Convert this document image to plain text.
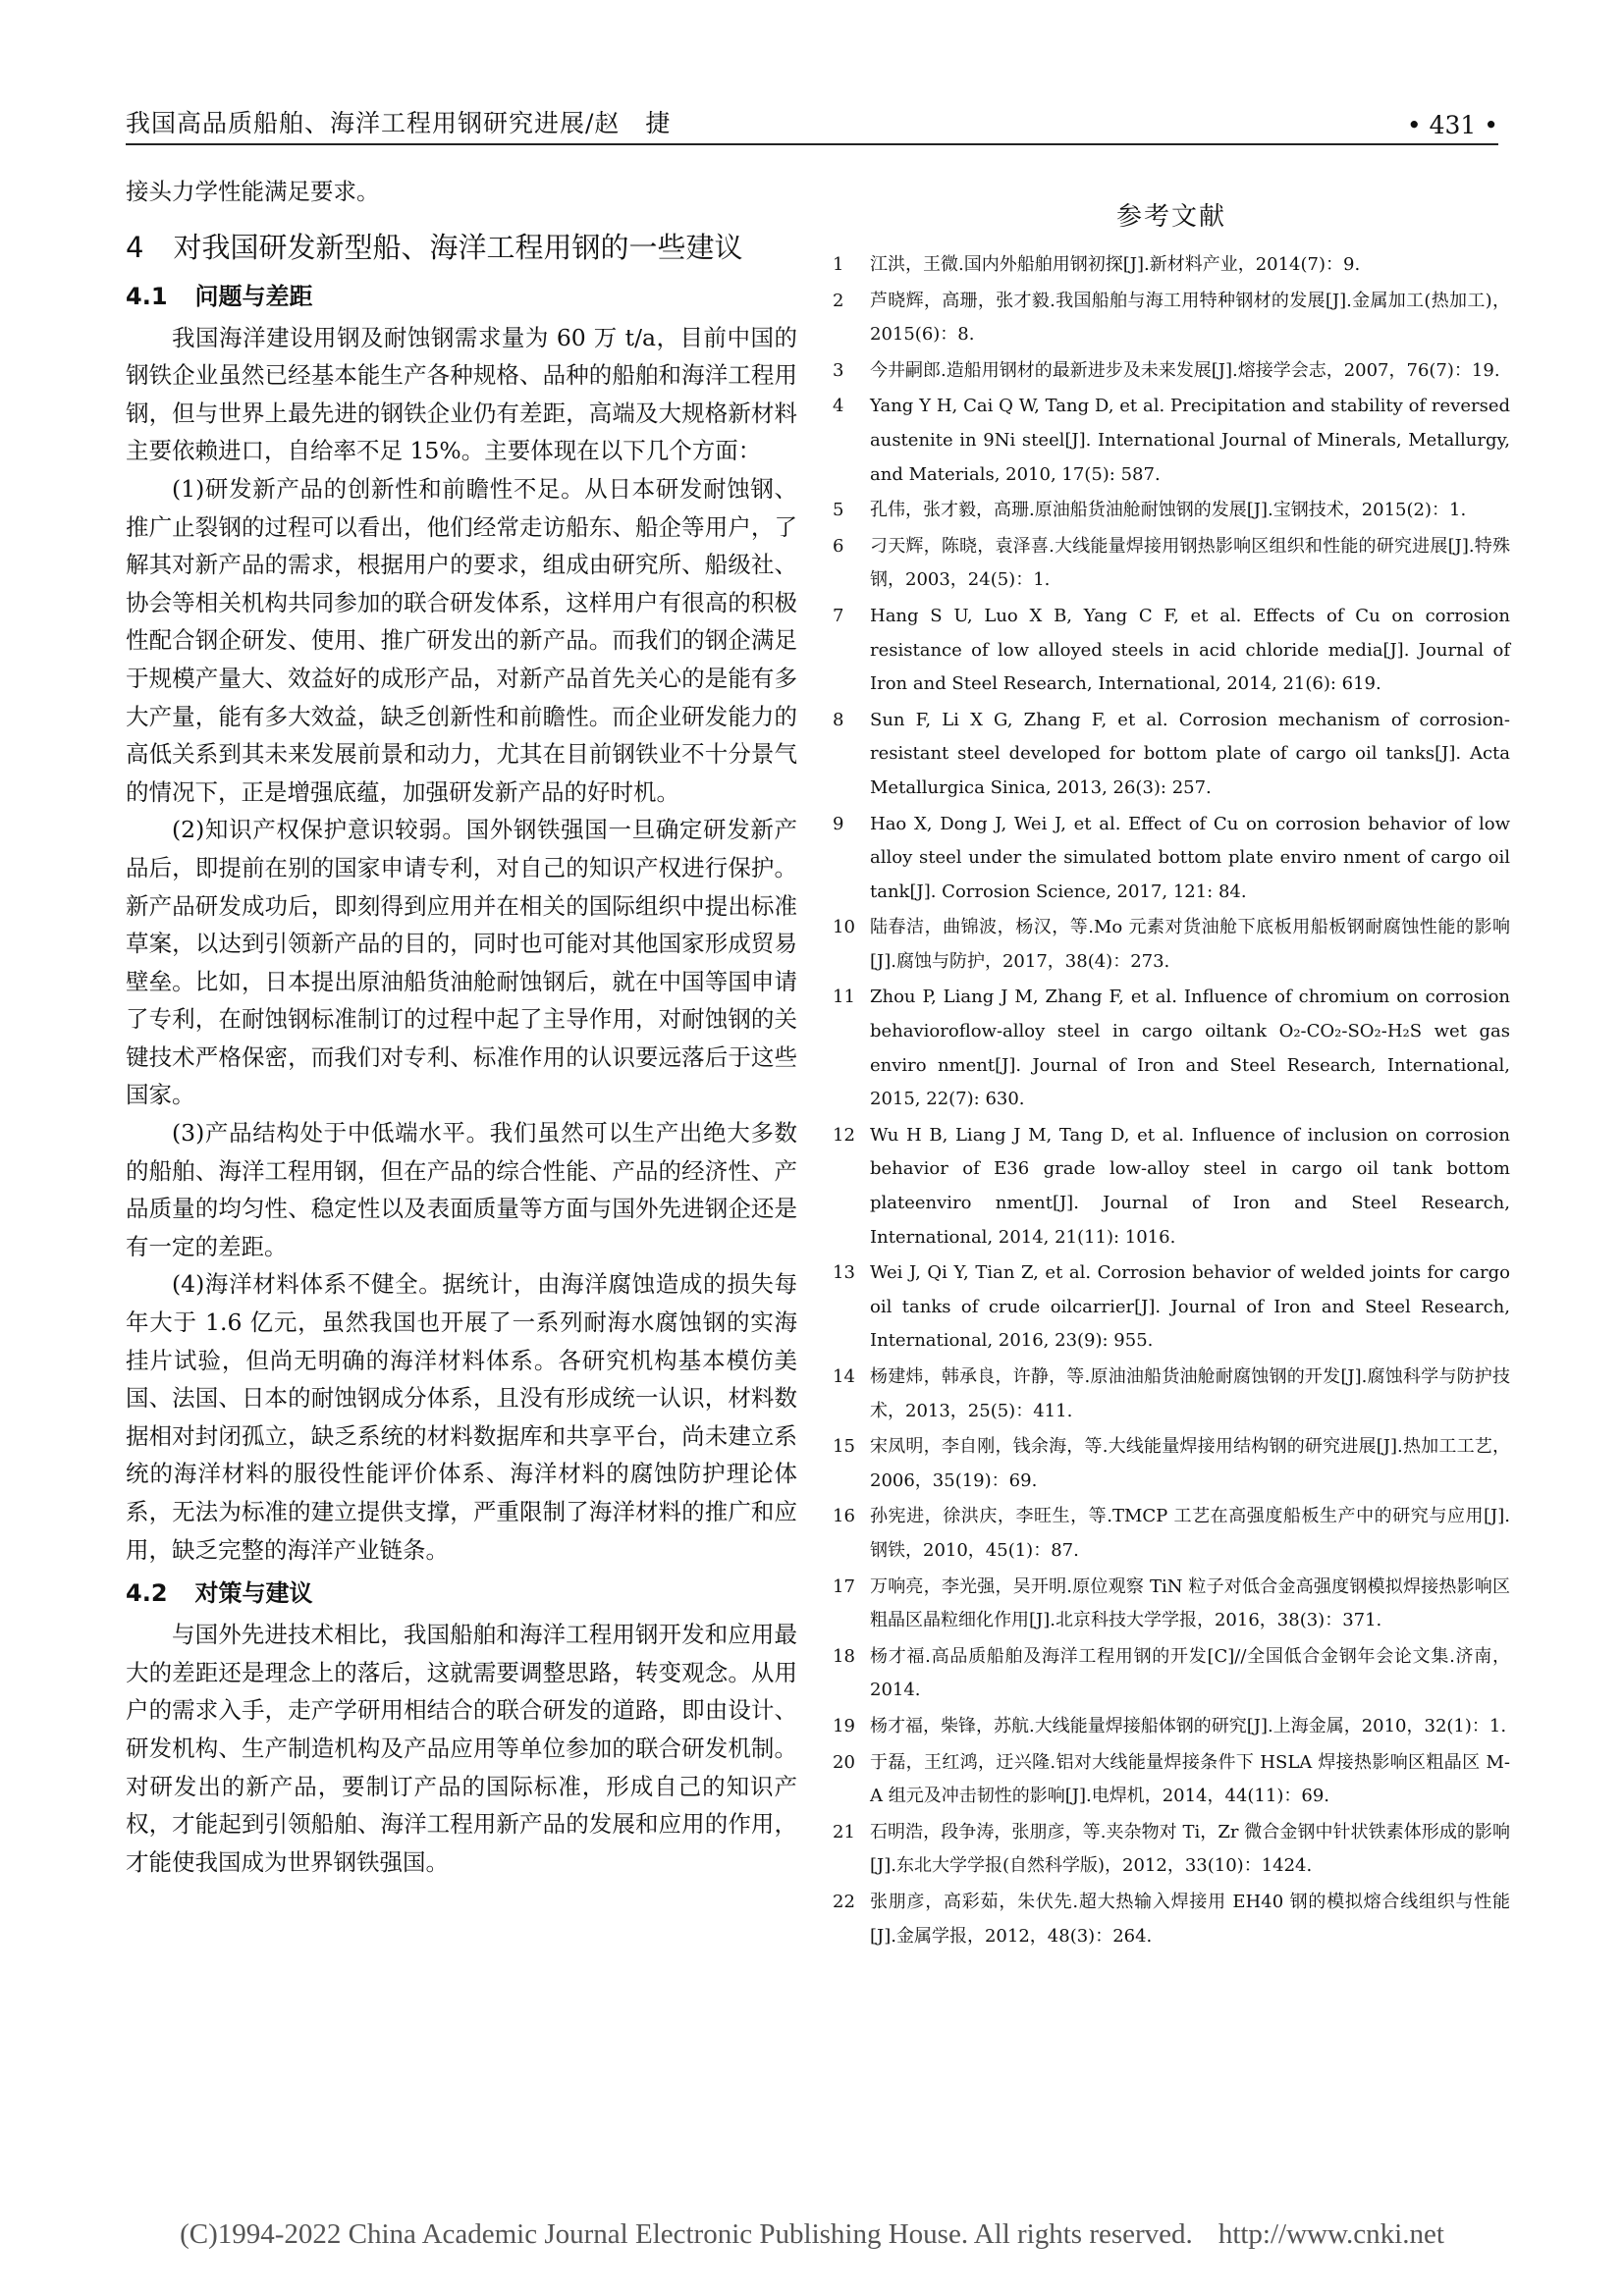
我国高品质船舶、海洋工程用钢研究进展/赵　捷	• 431 •

接头力学性能满足要求。

4 对我国研发新型船、海洋工程用钢的一些建议
4.1 问题与差距

我国海洋建设用钢及耐蚀钢需求量为 60 万 t/a，目前中国的钢铁企业虽然已经基本能生产各种规格、品种的船舶和海洋工程用钢，但与世界上最先进的钢铁企业仍有差距，高端及大规格新材料主要依赖进口，自给率不足 15%。主要体现在以下几个方面：

(1)研发新产品的创新性和前瞻性不足。从日本研发耐蚀钢、推广止裂钢的过程可以看出，他们经常走访船东、船企等用户，了解其对新产品的需求，根据用户的要求，组成由研究所、船级社、协会等相关机构共同参加的联合研发体系，这样用户有很高的积极性配合钢企研发、使用、推广研发出的新产品。而我们的钢企满足于规模产量大、效益好的成形产品，对新产品首先关心的是能有多大产量，能有多大效益，缺乏创新性和前瞻性。而企业研发能力的高低关系到其未来发展前景和动力，尤其在目前钢铁业不十分景气的情况下，正是增强底蕴，加强研发新产品的好时机。

(2)知识产权保护意识较弱。国外钢铁强国一旦确定研发新产品后，即提前在别的国家申请专利，对自己的知识产权进行保护。新产品研发成功后，即刻得到应用并在相关的国际组织中提出标准草案，以达到引领新产品的目的，同时也可能对其他国家形成贸易壁垒。比如，日本提出原油船货油舱耐蚀钢后，就在中国等国申请了专利，在耐蚀钢标准制订的过程中起了主导作用，对耐蚀钢的关键技术严格保密，而我们对专利、标准作用的认识要远落后于这些国家。

(3)产品结构处于中低端水平。我们虽然可以生产出绝大多数的船舶、海洋工程用钢，但在产品的综合性能、产品的经济性、产品质量的均匀性、稳定性以及表面质量等方面与国外先进钢企还是有一定的差距。

(4)海洋材料体系不健全。据统计，由海洋腐蚀造成的损失每年大于 1.6 亿元，虽然我国也开展了一系列耐海水腐蚀钢的实海挂片试验，但尚无明确的海洋材料体系。各研究机构基本模仿美国、法国、日本的耐蚀钢成分体系，且没有形成统一认识，材料数据相对封闭孤立，缺乏系统的材料数据库和共享平台，尚未建立系统的海洋材料的服役性能评价体系、海洋材料的腐蚀防护理论体系，无法为标准的建立提供支撑，严重限制了海洋材料的推广和应用，缺乏完整的海洋产业链条。

4.2 对策与建议

与国外先进技术相比，我国船舶和海洋工程用钢开发和应用最大的差距还是理念上的落后，这就需要调整思路，转变观念。从用户的需求入手，走产学研用相结合的联合研发的道路，即由设计、研发机构、生产制造机构及产品应用等单位参加的联合研发机制。对研发出的新产品，要制订产品的国际标准，形成自己的知识产权，才能起到引领船舶、海洋工程用新产品的发展和应用的作用，才能使我国成为世界钢铁强国。

参考文献
1	江洪，王微.国内外船舶用钢初探[J].新材料产业，2014(7)：9.
2	芦晓辉，高珊，张才毅.我国船舶与海工用特种钢材的发展[J].金属加工(热加工)，2015(6)：8.
3	今井嗣郎.造船用钢材的最新进步及未来发展[J].熔接学会志，2007，76(7)：19.
4	Yang Y H, Cai Q W, Tang D, et al. Precipitation and stability of reversed austenite in 9Ni steel[J]. International Journal of Minerals, Metallurgy, and Materials, 2010, 17(5): 587.
5	孔伟，张才毅，高珊.原油船货油舱耐蚀钢的发展[J].宝钢技术，2015(2)：1.
6	刁天辉，陈晓，袁泽喜.大线能量焊接用钢热影响区组织和性能的研究进展[J].特殊钢，2003，24(5)：1.
7	Hang S U, Luo X B, Yang C F, et al. Effects of Cu on corrosion resistance of low alloyed steels in acid chloride media[J]. Journal of Iron and Steel Research, International, 2014, 21(6): 619.
8	Sun F, Li X G, Zhang F, et al. Corrosion mechanism of corrosion-resistant steel developed for bottom plate of cargo oil tanks[J]. Acta Metallurgica Sinica, 2013, 26(3): 257.
9	Hao X, Dong J, Wei J, et al. Effect of Cu on corrosion behavior of low alloy steel under the simulated bottom plate enviro nment of cargo oil tank[J]. Corrosion Science, 2017, 121: 84.
10 陆春洁，曲锦波，杨汉，等.Mo 元素对货油舱下底板用船板钢耐腐蚀性能的影响[J].腐蚀与防护，2017，38(4)：273.
11 Zhou P, Liang J M, Zhang F, et al. Influence of chromium on corrosion behavioroflow-alloy steel in cargo oiltank O₂-CO₂-SO₂-H₂S wet gas enviro nment[J]. Journal of Iron and Steel Research, International, 2015, 22(7): 630.
12 Wu H B, Liang J M, Tang D, et al. Influence of inclusion on corrosion behavior of E36 grade low-alloy steel in cargo oil tank bottom plateenviro nment[J]. Journal of Iron and Steel Research, International, 2014, 21(11): 1016.
13 Wei J, Qi Y, Tian Z, et al. Corrosion behavior of welded joints for cargo oil tanks of crude oilcarrier[J]. Journal of Iron and Steel Research, International, 2016, 23(9): 955.
14 杨建炜，韩承良，许静，等.原油油船货油舱耐腐蚀钢的开发[J].腐蚀科学与防护技术，2013，25(5)：411.
15 宋凤明，李自刚，钱余海，等.大线能量焊接用结构钢的研究进展[J].热加工工艺，2006，35(19)：69.
16 孙宪进，徐洪庆，李旺生，等.TMCP 工艺在高强度船板生产中的研究与应用[J].钢铁，2010，45(1)：87.
17 万响亮，李光强，吴开明.原位观察 TiN 粒子对低合金高强度钢模拟焊接热影响区粗晶区晶粒细化作用[J].北京科技大学学报，2016，38(3)：371.
18 杨才福.高品质船舶及海洋工程用钢的开发[C]//全国低合金钢年会论文集.济南，2014.
19 杨才福，柴锋，苏航.大线能量焊接船体钢的研究[J].上海金属，2010，32(1)：1.
20 于磊，王红鸿，迂兴隆.铝对大线能量焊接条件下 HSLA 焊接热影响区粗晶区 M-A 组元及冲击韧性的影响[J].电焊机，2014，44(11)：69.
21 石明浩，段争涛，张朋彦，等.夹杂物对 Ti，Zr 微合金钢中针状铁素体形成的影响[J].东北大学学报(自然科学版)，2012，33(10)：1424.
22 张朋彦，高彩茹，朱伏先.超大热输入焊接用 EH40 钢的模拟熔合线组织与性能[J].金属学报，2012，48(3)：264.
(C)1994-2022 China Academic Journal Electronic Publishing House. All rights reserved. http://www.cnki.net
